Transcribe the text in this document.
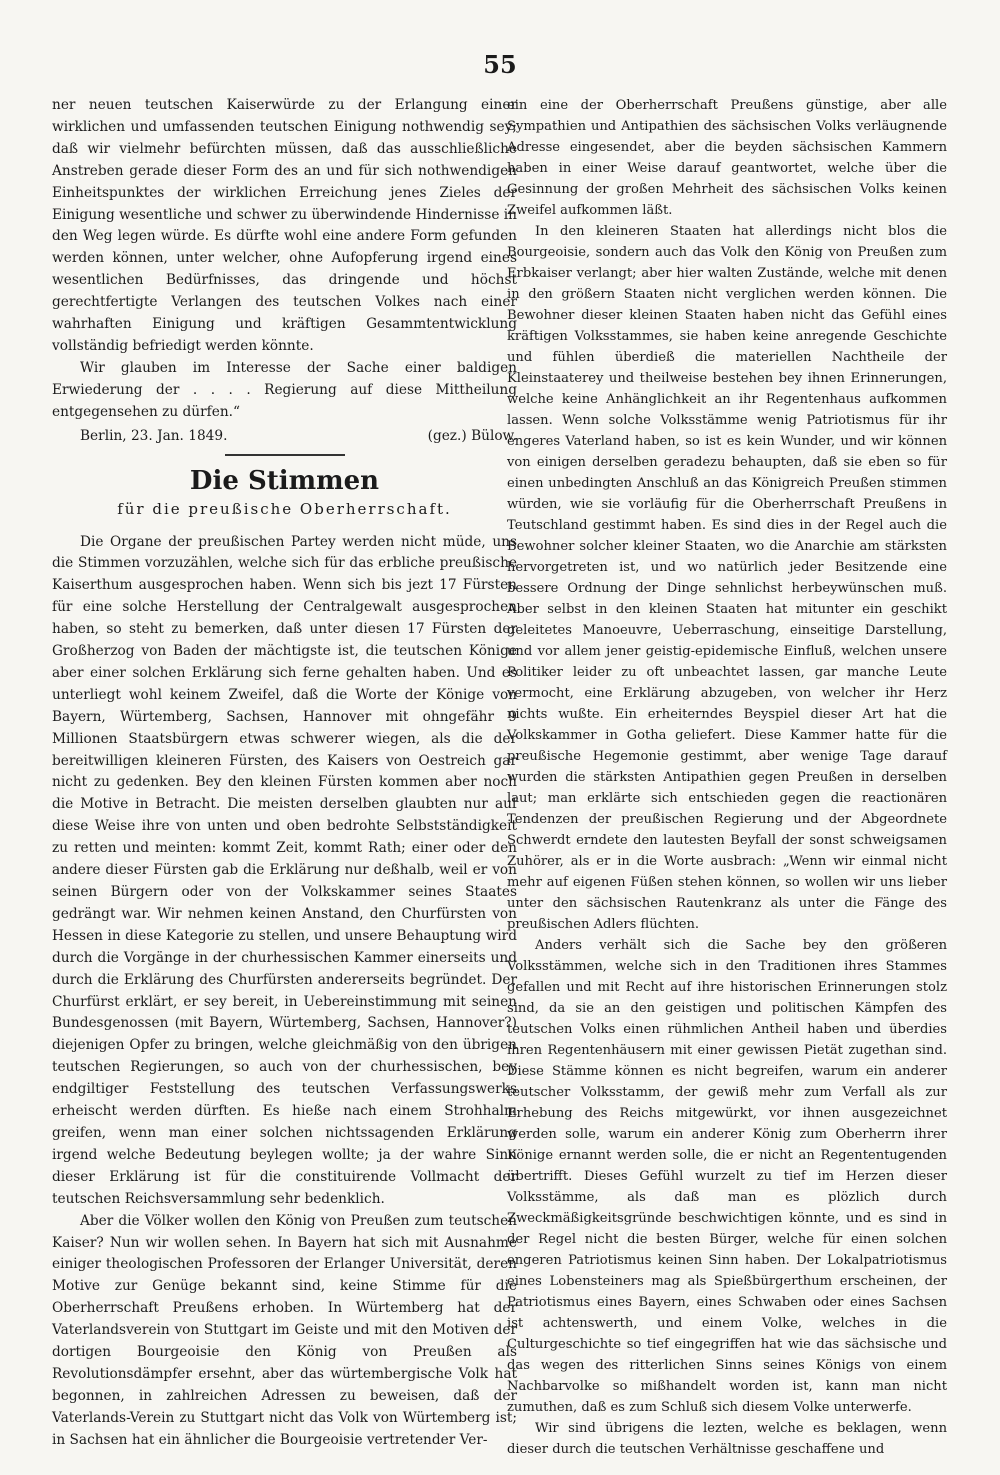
55

ner neuen teutschen Kaiserwürde zu der Erlangung einer wirklichen und umfassenden teutschen Einigung nothwendig sey; daß wir vielmehr befürchten müssen, daß das ausschließliche Anstreben gerade dieser Form des an und für sich nothwendigen Einheitspunktes der wirklichen Erreichung jenes Zieles der Einigung wesentliche und schwer zu überwindende Hindernisse in den Weg legen würde. Es dürfte wohl eine andere Form gefunden werden können, unter welcher, ohne Aufopferung irgend eines wesentlichen Bedürfnisses, das dringende und höchst gerechtfertigte Verlangen des teutschen Volkes nach einer wahrhaften Einigung und kräftigen Gesammtentwicklung vollständig befriedigt werden könnte.

Wir glauben im Interesse der Sache einer baldigen Erwiederung der . . . . Regierung auf diese Mittheilung entgegensehen zu dürfen.“

Berlin, 23. Jan. 1849.	(gez.) Bülow.
Die Stimmen
für die preußische Oberherrschaft.

Die Organe der preußischen Partey werden nicht müde, uns die Stimmen vorzuzählen, welche sich für das erbliche preußische Kaiserthum ausgesprochen haben. Wenn sich bis jezt 17 Fürsten für eine solche Herstellung der Centralgewalt ausgesprochen haben, so steht zu bemerken, daß unter diesen 17 Fürsten der Großherzog von Baden der mächtigste ist, die teutschen Könige aber einer solchen Erklärung sich ferne gehalten haben. Und es unterliegt wohl keinem Zweifel, daß die Worte der Könige von Bayern, Würtemberg, Sachsen, Hannover mit ohngefähr 9 Millionen Staatsbürgern etwas schwerer wiegen, als die der bereitwilligen kleineren Fürsten, des Kaisers von Oestreich gar nicht zu gedenken. Bey den kleinen Fürsten kommen aber noch die Motive in Betracht. Die meisten derselben glaubten nur auf diese Weise ihre von unten und oben bedrohte Selbstständigkeit zu retten und meinten: kommt Zeit, kommt Rath; einer oder den andere dieser Fürsten gab die Erklärung nur deßhalb, weil er von seinen Bürgern oder von der Volkskammer seines Staates gedrängt war. Wir nehmen keinen Anstand, den Churfürsten von Hessen in diese Kategorie zu stellen, und unsere Behauptung wird durch die Vorgänge in der churhessischen Kammer einerseits und durch die Erklärung des Churfürsten andererseits begründet. Der Churfürst erklärt, er sey bereit, in Uebereinstimmung mit seinen Bundesgenossen (mit Bayern, Würtemberg, Sachsen, Hannover?) diejenigen Opfer zu bringen, welche gleichmäßig von den übrigen teutschen Regierungen, so auch von der churhessischen, bey endgiltiger Feststellung des teutschen Verfassungswerks erheischt werden dürften. Es hieße nach einem Strohhalm greifen, wenn man einer solchen nichtssagenden Erklärung irgend welche Bedeutung beylegen wollte; ja der wahre Sinn dieser Erklärung ist für die constituirende Vollmacht der teutschen Reichsversammlung sehr bedenklich.

Aber die Völker wollen den König von Preußen zum teutschen Kaiser? Nun wir wollen sehen. In Bayern hat sich mit Ausnahme einiger theologischen Professoren der Erlanger Universität, deren Motive zur Genüge bekannt sind, keine Stimme für die Oberherrschaft Preußens erhoben. In Würtemberg hat der Vaterlandsverein von Stuttgart im Geiste und mit den Motiven der dortigen Bourgeoisie den König von Preußen als Revolutionsdämpfer ersehnt, aber das würtembergische Volk hat begonnen, in zahlreichen Adressen zu beweisen, daß der Vaterlands-Verein zu Stuttgart nicht das Volk von Würtemberg ist; in Sachsen hat ein ähnlicher die Bourgeoisie vertretender Ver-

ein eine der Oberherrschaft Preußens günstige, aber alle Sympathien und Antipathien des sächsischen Volks verläugnende Adresse eingesendet, aber die beyden sächsischen Kammern haben in einer Weise darauf geantwortet, welche über die Gesinnung der großen Mehrheit des sächsischen Volks keinen Zweifel aufkommen läßt.

In den kleineren Staaten hat allerdings nicht blos die Bourgeoisie, sondern auch das Volk den König von Preußen zum Erbkaiser verlangt; aber hier walten Zustände, welche mit denen in den größern Staaten nicht verglichen werden können. Die Bewohner dieser kleinen Staaten haben nicht das Gefühl eines kräftigen Volksstammes, sie haben keine anregende Geschichte und fühlen überdieß die materiellen Nachtheile der Kleinstaaterey und theilweise bestehen bey ihnen Erinnerungen, welche keine Anhänglichkeit an ihr Regentenhaus aufkommen lassen. Wenn solche Volksstämme wenig Patriotismus für ihr engeres Vaterland haben, so ist es kein Wunder, und wir können von einigen derselben geradezu behaupten, daß sie eben so für einen unbedingten Anschluß an das Königreich Preußen stimmen würden, wie sie vorläufig für die Oberherrschaft Preußens in Teutschland gestimmt haben. Es sind dies in der Regel auch die Bewohner solcher kleiner Staaten, wo die Anarchie am stärksten hervorgetreten ist, und wo natürlich jeder Besitzende eine bessere Ordnung der Dinge sehnlichst herbeywünschen muß. Aber selbst in den kleinen Staaten hat mitunter ein geschikt geleitetes Manoeuvre, Ueberraschung, einseitige Darstellung, und vor allem jener geistig-epidemische Einfluß, welchen unsere Politiker leider zu oft unbeachtet lassen, gar manche Leute vermocht, eine Erklärung abzugeben, von welcher ihr Herz nichts wußte. Ein erheiterndes Beyspiel dieser Art hat die Volkskammer in Gotha geliefert. Diese Kammer hatte für die preußische Hegemonie gestimmt, aber wenige Tage darauf wurden die stärksten Antipathien gegen Preußen in derselben laut; man erklärte sich entschieden gegen die reactionären Tendenzen der preußischen Regierung und der Abgeordnete Schwerdt erndete den lautesten Beyfall der sonst schweigsamen Zuhörer, als er in die Worte ausbrach: „Wenn wir einmal nicht mehr auf eigenen Füßen stehen können, so wollen wir uns lieber unter den sächsischen Rautenkranz als unter die Fänge des preußischen Adlers flüchten.

Anders verhält sich die Sache bey den größeren Volksstämmen, welche sich in den Traditionen ihres Stammes gefallen und mit Recht auf ihre historischen Erinnerungen stolz sind, da sie an den geistigen und politischen Kämpfen des teutschen Volks einen rühmlichen Antheil haben und überdies ihren Regentenhäusern mit einer gewissen Pietät zugethan sind. Diese Stämme können es nicht begreifen, warum ein anderer teutscher Volksstamm, der gewiß mehr zum Verfall als zur Erhebung des Reichs mitgewürkt, vor ihnen ausgezeichnet werden solle, warum ein anderer König zum Oberherrn ihrer Könige ernannt werden solle, die er nicht an Regententugenden übertrifft. Dieses Gefühl wurzelt zu tief im Herzen dieser Volksstämme, als daß man es plözlich durch Zweckmäßigkeitsgründe beschwichtigen könnte, und es sind in der Regel nicht die besten Bürger, welche für einen solchen engeren Patriotismus keinen Sinn haben. Der Lokalpatriotismus eines Lobensteiners mag als Spießbürgerthum erscheinen, der Patriotismus eines Bayern, eines Schwaben oder eines Sachsen ist achtenswerth, und einem Volke, welches in die Culturgeschichte so tief eingegriffen hat wie das sächsische und das wegen des ritterlichen Sinns seines Königs von einem Nachbarvolke so mißhandelt worden ist, kann man nicht zumuthen, daß es zum Schluß sich diesem Volke unterwerfe.

Wir sind übrigens die lezten, welche es beklagen, wenn dieser durch die teutschen Verhältnisse geschaffene und
